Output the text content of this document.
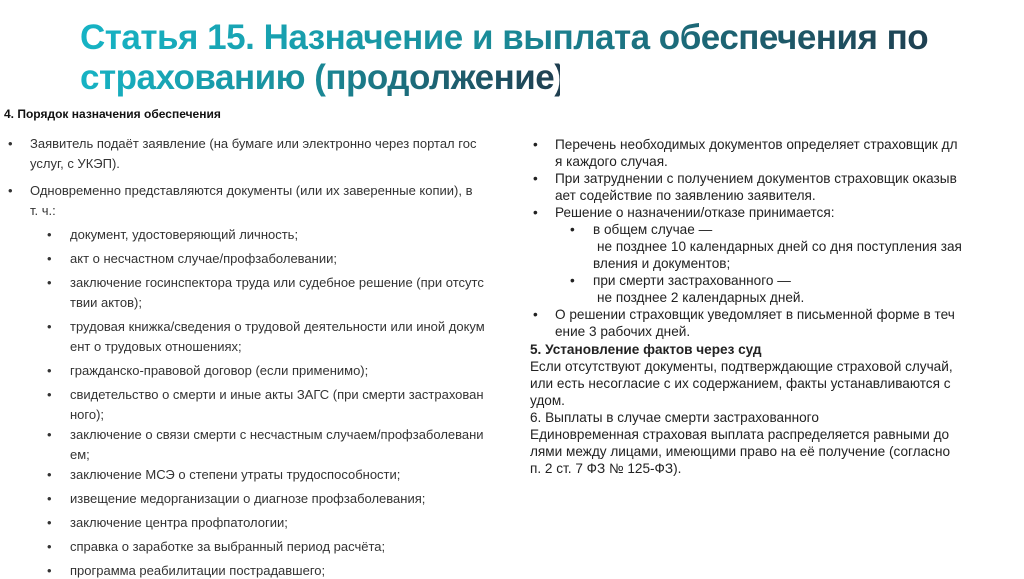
Статья 15. Назначение и выплата обеспечения по
страхованию (продолжение)
4. Порядок назначения обеспечения
• Заявитель подаёт заявление (на бумаге или электронно через портал гос
услуг, с УКЭП).
• Одновременно представляются документы (или их заверенные копии), в
т. ч.:
• документ, удостоверяющий личность;
• акт о несчастном случае/профзаболевании;
• заключение госинспектора труда или судебное решение (при отсутс
твии актов);
• трудовая книжка/сведения о трудовой деятельности или иной докум
ент о трудовых отношениях;
• гражданско-правовой договор (если применимо);
• свидетельство о смерти и иные акты ЗАГС (при смерти застрахован
ного);
• заключение о связи смерти с несчастным случаем/профзаболевани
ем;
• заключение МСЭ о степени утраты трудоспособности;
• извещение медорганизации о диагнозе профзаболевания;
• заключение центра профпатологии;
• справка о заработке за выбранный период расчёта;
• программа реабилитации пострадавшего;
• Перечень необходимых документов определяет страховщик дл
я каждого случая.
• При затруднении с получением документов страховщик оказыв
ает содействие по заявлению заявителя.
• Решение о назначении/отказе принимается:
• в общем случае —
не позднее 10 календарных дней со дня поступления зая
вления и документов;
• при смерти застрахованного —
не позднее 2 календарных дней.
• О решении страховщик уведомляет в письменной форме в теч
ение 3 рабочих дней.
5. Установление фактов через суд
Если отсутствуют документы, подтверждающие страховой случай,
или есть несогласие с их содержанием, факты устанавливаются с
удом.
6. Выплаты в случае смерти застрахованного
Единовременная страховая выплата распределяется равными до
лями между лицами, имеющими право на её получение (согласно
п. 2 ст. 7 ФЗ № 125-ФЗ).
